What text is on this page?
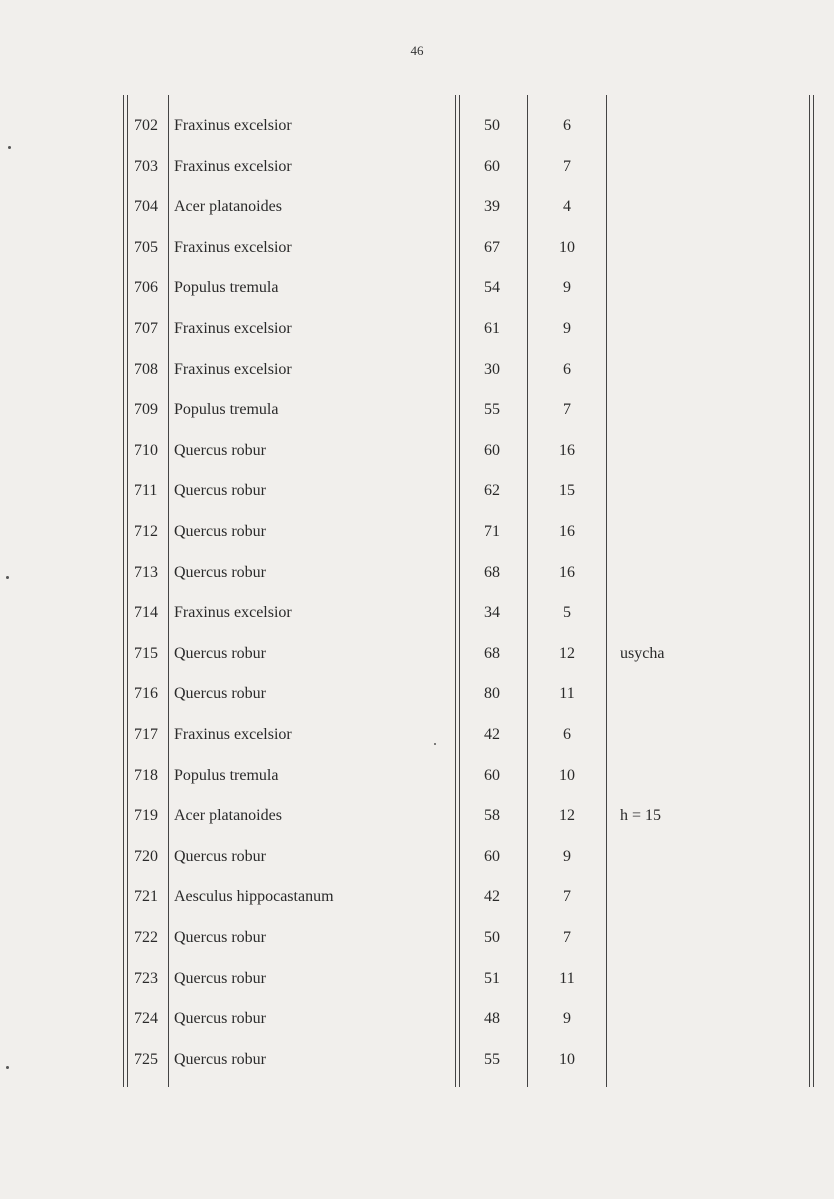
46
702	Fraxinus excelsior	50	6
703	Fraxinus excelsior	60	7
704	Acer platanoides	39	4
705	Fraxinus excelsior	67	10
706	Populus tremula	54	9
707	Fraxinus excelsior	61	9
708	Fraxinus excelsior	30	6
709	Populus tremula	55	7
710	Quercus robur	60	16
711	Quercus robur	62	15
712	Quercus robur	71	16
713	Quercus robur	68	16
714	Fraxinus excelsior	34	5
715	Quercus robur	68	12	usycha
716	Quercus robur	80	11
717	Fraxinus excelsior	42	6
718	Populus tremula	60	10
719	Acer platanoides	58	12	h = 15
720	Quercus robur	60	9
721	Aesculus hippocastanum	42	7
722	Quercus robur	50	7
723	Quercus robur	51	11
724	Quercus robur	48	9
725	Quercus robur	55	10
